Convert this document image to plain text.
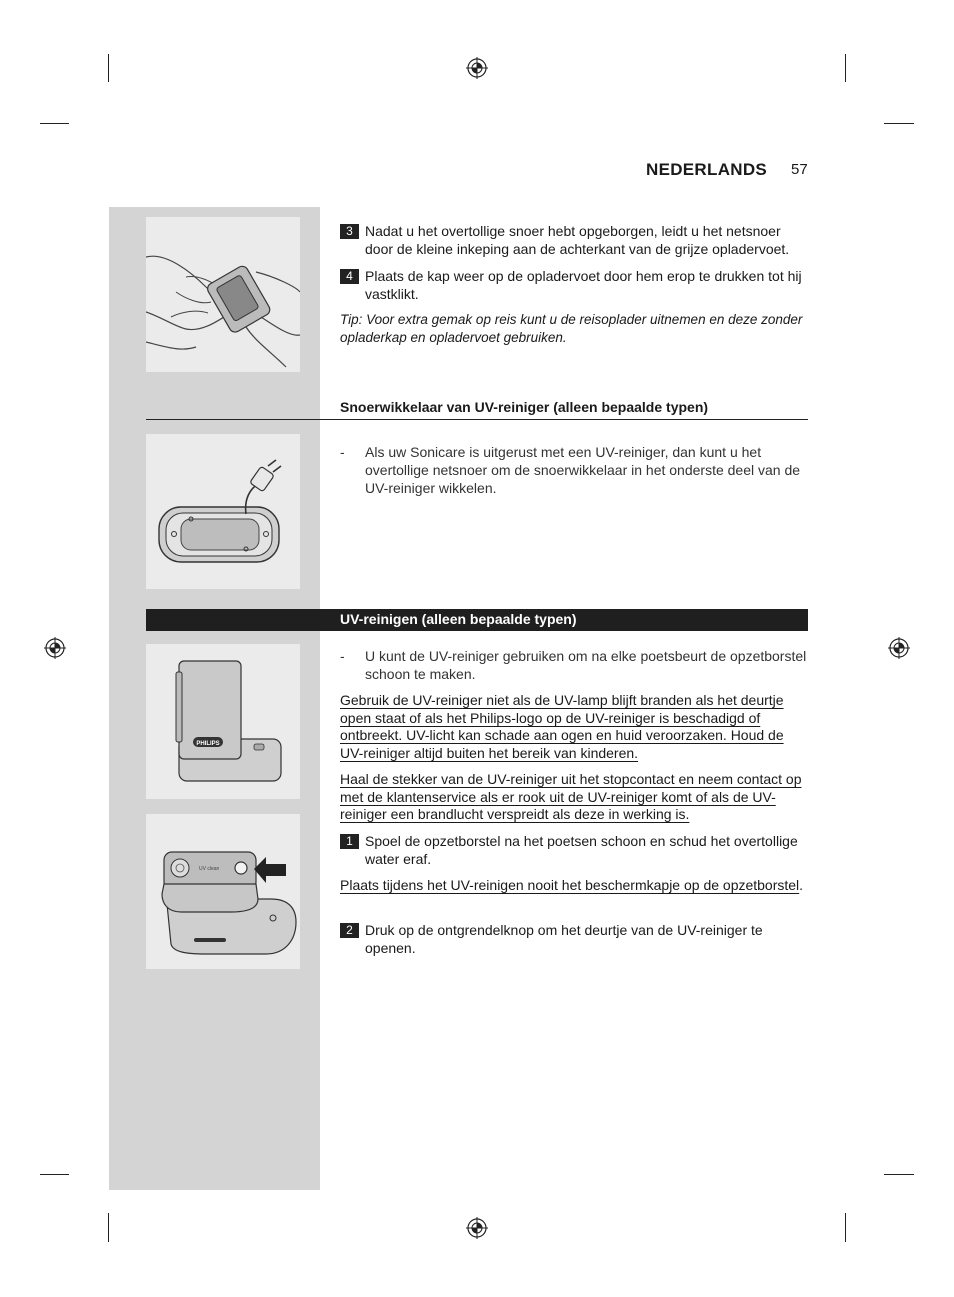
NEDERLANDS 57
PHILIPS
 UV clean
3 Nadat u het overtollige snoer hebt opgeborgen, leidt u het netsnoer door de kleine inkeping aan de achterkant van de grijze opladervoet.
4 Plaats de kap weer op de opladervoet door hem erop te drukken tot hij vastklikt.
Tip: Voor extra gemak op reis kunt u de reisoplader uitnemen en deze zonder opladerkap en opladervoet gebruiken.
Snoerwikkelaar van UV-reiniger (alleen bepaalde typen)
- Als uw Sonicare is uitgerust met een UV-reiniger, dan kunt u het overtollige netsnoer om de snoerwikkelaar in het onderste deel van de UV-reiniger wikkelen.
UV-reinigen (alleen bepaalde typen)
- U kunt de UV-reiniger gebruiken om na elke poetsbeurt de opzetborstel schoon te maken.
Gebruik de UV-reiniger niet als de UV-lamp blijft branden als het deurtje open staat of als het Philips-logo op de UV-reiniger is beschadigd of ontbreekt. UV-licht kan schade aan ogen en huid veroorzaken. Houd de UV-reiniger altijd buiten het bereik van kinderen.
Haal de stekker van de UV-reiniger uit het stopcontact en neem contact op met de klantenservice als er rook uit de UV-reiniger komt of als de UV-reiniger een brandlucht verspreidt als deze in werking is.
1 Spoel de opzetborstel na het poetsen schoon en schud het overtollige water eraf.
Plaats tijdens het UV-reinigen nooit het beschermkapje op de opzetborstel.
2 Druk op de ontgrendelknop om het deurtje van de UV-reiniger te openen.
